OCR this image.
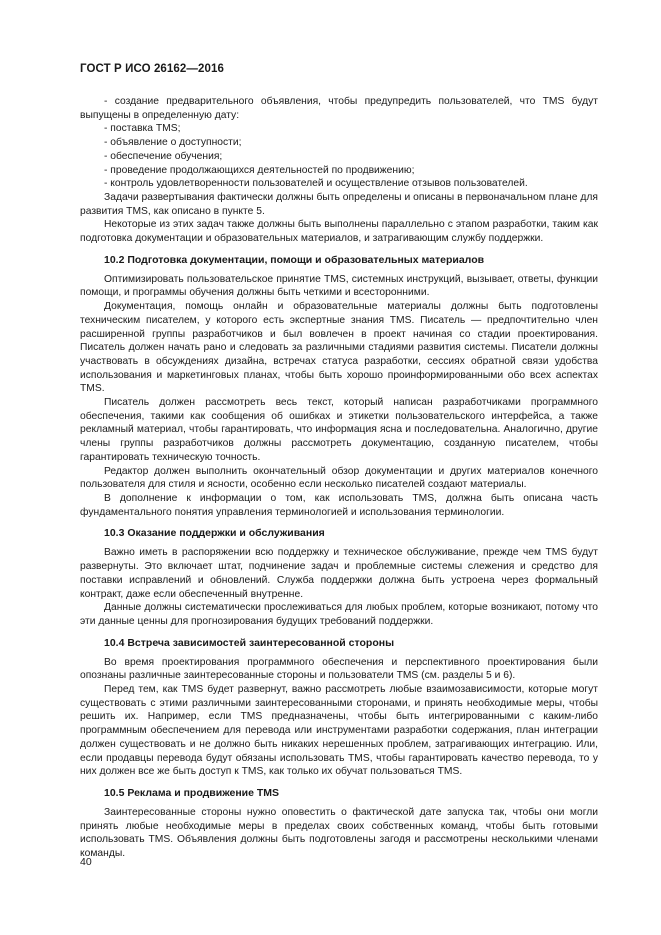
ГОСТ Р ИСО 26162—2016

- создание предварительного объявления, чтобы предупредить пользователей, что TMS будут выпущены в определенную дату:

- поставка TMS;

- объявление о доступности;

- обеспечение обучения;

- проведение продолжающихся деятельностей по продвижению;

- контроль удовлетворенности пользователей и осуществление отзывов пользователей.

Задачи развертывания фактически должны быть определены и описаны в первоначальном плане для развития TMS, как описано в пункте 5.

Некоторые из этих задач также должны быть выполнены параллельно с этапом разработки, таким как подготовка документации и образовательных материалов, и затрагивающим службу поддержки.

10.2 Подготовка документации, помощи и образовательных материалов

Оптимизировать пользовательское принятие TMS, системных инструкций, вызывает, ответы, функции помощи, и программы обучения должны быть четкими и всесторонними.

Документация, помощь онлайн и образовательные материалы должны быть подготовлены техническим писателем, у которого есть экспертные знания TMS. Писатель — предпочтительно член расширенной группы разработчиков и был вовлечен в проект начиная со стадии проектирования. Писатель должен начать рано и следовать за различными стадиями развития системы. Писатели должны участвовать в обсуждениях дизайна, встречах статуса разработки, сессиях обратной связи удобства использования и маркетинговых планах, чтобы быть хорошо проинформированными обо всех аспектах TMS.

Писатель должен рассмотреть весь текст, который написан разработчиками программного обеспечения, такими как сообщения об ошибках и этикетки пользовательского интерфейса, а также рекламный материал, чтобы гарантировать, что информация ясна и последовательна. Аналогично, другие члены группы разработчиков должны рассмотреть документацию, созданную писателем, чтобы гарантировать техническую точность.

Редактор должен выполнить окончательный обзор документации и других материалов конечного пользователя для стиля и ясности, особенно если несколько писателей создают материалы.

В дополнение к информации о том, как использовать TMS, должна быть описана часть фундаментального понятия управления терминологией и использования терминологии.

10.3 Оказание поддержки и обслуживания

Важно иметь в распоряжении всю поддержку и техническое обслуживание, прежде чем TMS будут развернуты. Это включает штат, подчинение задач и проблемные системы слежения и средство для поставки исправлений и обновлений. Служба поддержки должна быть устроена через формальный контракт, даже если обеспеченный внутренне.

Данные должны систематически прослеживаться для любых проблем, которые возникают, потому что эти данные ценны для прогнозирования будущих требований поддержки.

10.4 Встреча зависимостей заинтересованной стороны

Во время проектирования программного обеспечения и перспективного проектирования были опознаны различные заинтересованные стороны и пользователи TMS (см. разделы 5 и 6).

Перед тем, как TMS будет развернут, важно рассмотреть любые взаимозависимости, которые могут существовать с этими различными заинтересованными сторонами, и принять необходимые меры, чтобы решить их. Например, если TMS предназначены, чтобы быть интегрированными с каким-либо программным обеспечением для перевода или инструментами разработки содержания, план интеграции должен существовать и не должно быть никаких нерешенных проблем, затрагивающих интеграцию. Или, если продавцы перевода будут обязаны использовать TMS, чтобы гарантировать качество перевода, то у них должен все же быть доступ к TMS, как только их обучат пользоваться TMS.

10.5 Реклама и продвижение TMS

Заинтересованные стороны нужно оповестить о фактической дате запуска так, чтобы они могли принять любые необходимые меры в пределах своих собственных команд, чтобы быть готовыми использовать TMS. Объявления должны быть подготовлены загодя и рассмотрены несколькими членами команды.

40
